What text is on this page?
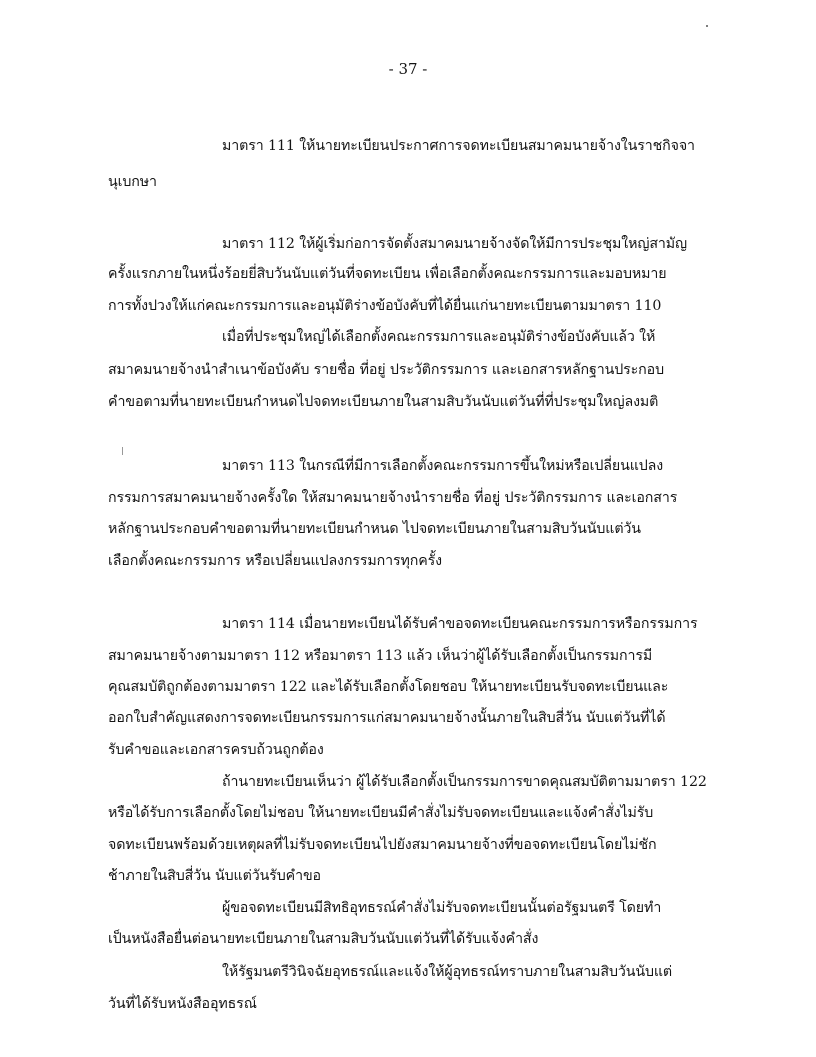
- 37 -
มาตรา 111 ให้นายทะเบียนประกาศการจดทะเบียนสมาคมนายจ้างในราชกิจจา
นุเบกษา
มาตรา 112 ให้ผู้เริ่มก่อการจัดตั้งสมาคมนายจ้างจัดให้มีการประชุมใหญ่สามัญ
ครั้งแรกภายในหนึ่งร้อยยี่สิบวันนับแต่วันที่จดทะเบียน เพื่อเลือกตั้งคณะกรรมการและมอบหมาย
การทั้งปวงให้แก่คณะกรรมการและอนุมัติร่างข้อบังคับที่ได้ยื่นแก่นายทะเบียนตามมาตรา 110
เมื่อที่ประชุมใหญ่ได้เลือกตั้งคณะกรรมการและอนุมัติร่างข้อบังคับแล้ว ให้
สมาคมนายจ้างนำสำเนาข้อบังคับ รายชื่อ ที่อยู่ ประวัติกรรมการ และเอกสารหลักฐานประกอบ
คำขอตามที่นายทะเบียนกำหนดไปจดทะเบียนภายในสามสิบวันนับแต่วันที่ที่ประชุมใหญ่ลงมติ
มาตรา 113 ในกรณีที่มีการเลือกตั้งคณะกรรมการขึ้นใหม่หรือเปลี่ยนแปลง
กรรมการสมาคมนายจ้างครั้งใด ให้สมาคมนายจ้างนำรายชื่อ ที่อยู่ ประวัติกรรมการ และเอกสาร
หลักฐานประกอบคำขอตามที่นายทะเบียนกำหนด ไปจดทะเบียนภายในสามสิบวันนับแต่วัน
เลือกตั้งคณะกรรมการ หรือเปลี่ยนแปลงกรรมการทุกครั้ง
มาตรา 114 เมื่อนายทะเบียนได้รับคำขอจดทะเบียนคณะกรรมการหรือกรรมการ
สมาคมนายจ้างตามมาตรา 112 หรือมาตรา 113 แล้ว เห็นว่าผู้ได้รับเลือกตั้งเป็นกรรมการมี
คุณสมบัติถูกต้องตามมาตรา 122 และได้รับเลือกตั้งโดยชอบ ให้นายทะเบียนรับจดทะเบียนและ
ออกใบสำคัญแสดงการจดทะเบียนกรรมการแก่สมาคมนายจ้างนั้นภายในสิบสี่วัน นับแต่วันที่ได้
รับคำขอและเอกสารครบถ้วนถูกต้อง
ถ้านายทะเบียนเห็นว่า ผู้ได้รับเลือกตั้งเป็นกรรมการขาดคุณสมบัติตามมาตรา 122
หรือได้รับการเลือกตั้งโดยไม่ชอบ ให้นายทะเบียนมีคำสั่งไม่รับจดทะเบียนและแจ้งคำสั่งไม่รับ
จดทะเบียนพร้อมด้วยเหตุผลที่ไม่รับจดทะเบียนไปยังสมาคมนายจ้างที่ขอจดทะเบียนโดยไม่ชัก
ช้าภายในสิบสี่วัน นับแต่วันรับคำขอ
ผู้ขอจดทะเบียนมีสิทธิอุทธรณ์คำสั่งไม่รับจดทะเบียนนั้นต่อรัฐมนตรี โดยทำ
เป็นหนังสือยื่นต่อนายทะเบียนภายในสามสิบวันนับแต่วันที่ได้รับแจ้งคำสั่ง
ให้รัฐมนตรีวินิจฉัยอุทธรณ์และแจ้งให้ผู้อุทธรณ์ทราบภายในสามสิบวันนับแต่
วันที่ได้รับหนังสืออุทธรณ์
